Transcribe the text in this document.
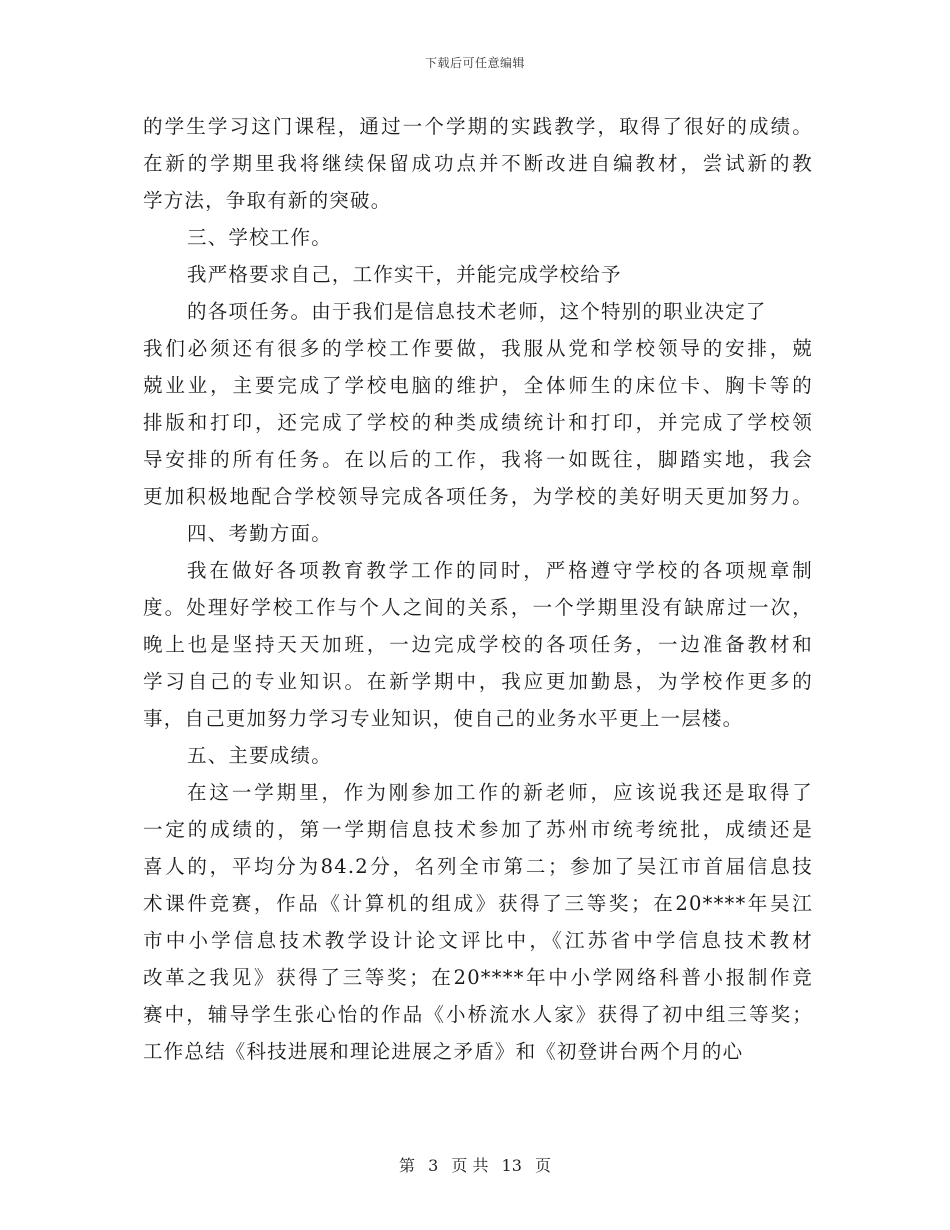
下载后可任意编辑
的学生学习这门课程，通过一个学期的实践教学，取得了很好的成绩。
在新的学期里我将继续保留成功点并不断改进自编教材，尝试新的教
学方法，争取有新的突破。
三、学校工作。
我严格要求自己，工作实干，并能完成学校给予
的各项任务。由于我们是信息技术老师，这个特别的职业决定了
我们必须还有很多的学校工作要做，我服从党和学校领导的安排，兢
兢业业，主要完成了学校电脑的维护，全体师生的床位卡、胸卡等的
排版和打印，还完成了学校的种类成绩统计和打印，并完成了学校领
导安排的所有任务。在以后的工作，我将一如既往，脚踏实地，我会
更加积极地配合学校领导完成各项任务，为学校的美好明天更加努力。
四、考勤方面。
我在做好各项教育教学工作的同时，严格遵守学校的各项规章制
度。处理好学校工作与个人之间的关系，一个学期里没有缺席过一次，
晚上也是坚持天天加班，一边完成学校的各项任务，一边准备教材和
学习自己的专业知识。在新学期中，我应更加勤恳，为学校作更多的
事，自己更加努力学习专业知识，使自己的业务水平更上一层楼。
五、主要成绩。
在这一学期里，作为刚参加工作的新老师，应该说我还是取得了
一定的成绩的，第一学期信息技术参加了苏州市统考统批，成绩还是
喜人的，平均分为84.2分，名列全市第二；参加了吴江市首届信息技
术课件竞赛，作品《计算机的组成》获得了三等奖；在20****年吴江
市中小学信息技术教学设计论文评比中，《江苏省中学信息技术教材
改革之我见》获得了三等奖；在20****年中小学网络科普小报制作竞
赛中，辅导学生张心怡的作品《小桥流水人家》获得了初中组三等奖；
工作总结《科技进展和理论进展之矛盾》和《初登讲台两个月的心
第 3 页 共 13 页
